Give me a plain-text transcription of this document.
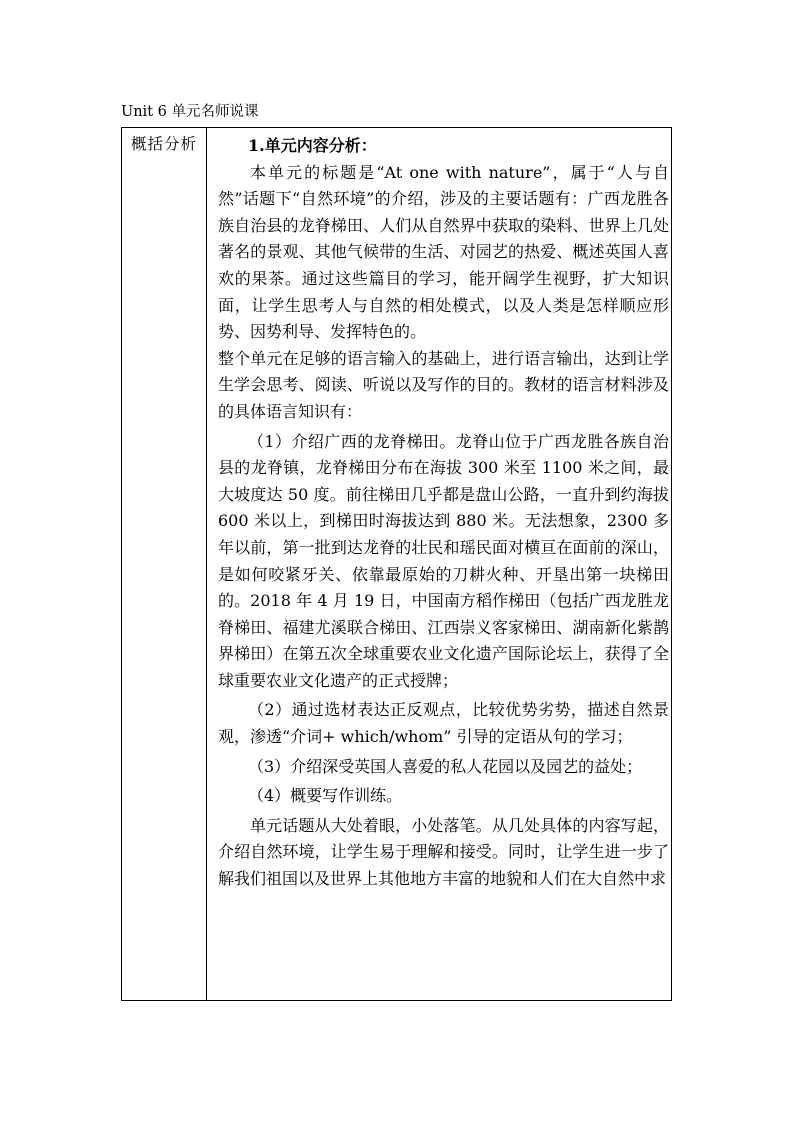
Unit 6 单元名师说课
概括分析	1.单元内容分析：

本单元的标题是“At one with nature”，属于“人与自然”话题下“自然环境”的介绍，涉及的主要话题有：广西龙胜各族自治县的龙脊梯田、人们从自然界中获取的染料、世界上几处著名的景观、其他气候带的生活、对园艺的热爱、概述英国人喜欢的果茶。通过这些篇目的学习，能开阔学生视野，扩大知识面，让学生思考人与自然的相处模式，以及人类是怎样顺应形势、因势利导、发挥特色的。

整个单元在足够的语言输入的基础上，进行语言输出，达到让学生学会思考、阅读、听说以及写作的目的。教材的语言材料涉及的具体语言知识有：

（1）介绍广西的龙脊梯田。龙脊山位于广西龙胜各族自治县的龙脊镇，龙脊梯田分布在海拔 300 米至 1100 米之间，最大坡度达 50 度。前往梯田几乎都是盘山公路，一直升到约海拔 600 米以上，到梯田时海拔达到 880 米。无法想象，2300 多年以前，第一批到达龙脊的壮民和瑶民面对横亘在面前的深山，是如何咬紧牙关、依靠最原始的刀耕火种、开垦出第一块梯田的。2018 年 4 月 19 日，中国南方稻作梯田（包括广西龙胜龙脊梯田、福建尤溪联合梯田、江西崇义客家梯田、湖南新化紫鹊界梯田）在第五次全球重要农业文化遗产国际论坛上，获得了全球重要农业文化遗产的正式授牌；

（2）通过选材表达正反观点，比较优势劣势，描述自然景观，渗透“介词+ which/whom” 引导的定语从句的学习；

（3）介绍深受英国人喜爱的私人花园以及园艺的益处；

（4）概要写作训练。

单元话题从大处着眼，小处落笔。从几处具体的内容写起，介绍自然环境，让学生易于理解和接受。同时，让学生进一步了解我们祖国以及世界上其他地方丰富的地貌和人们在大自然中求
